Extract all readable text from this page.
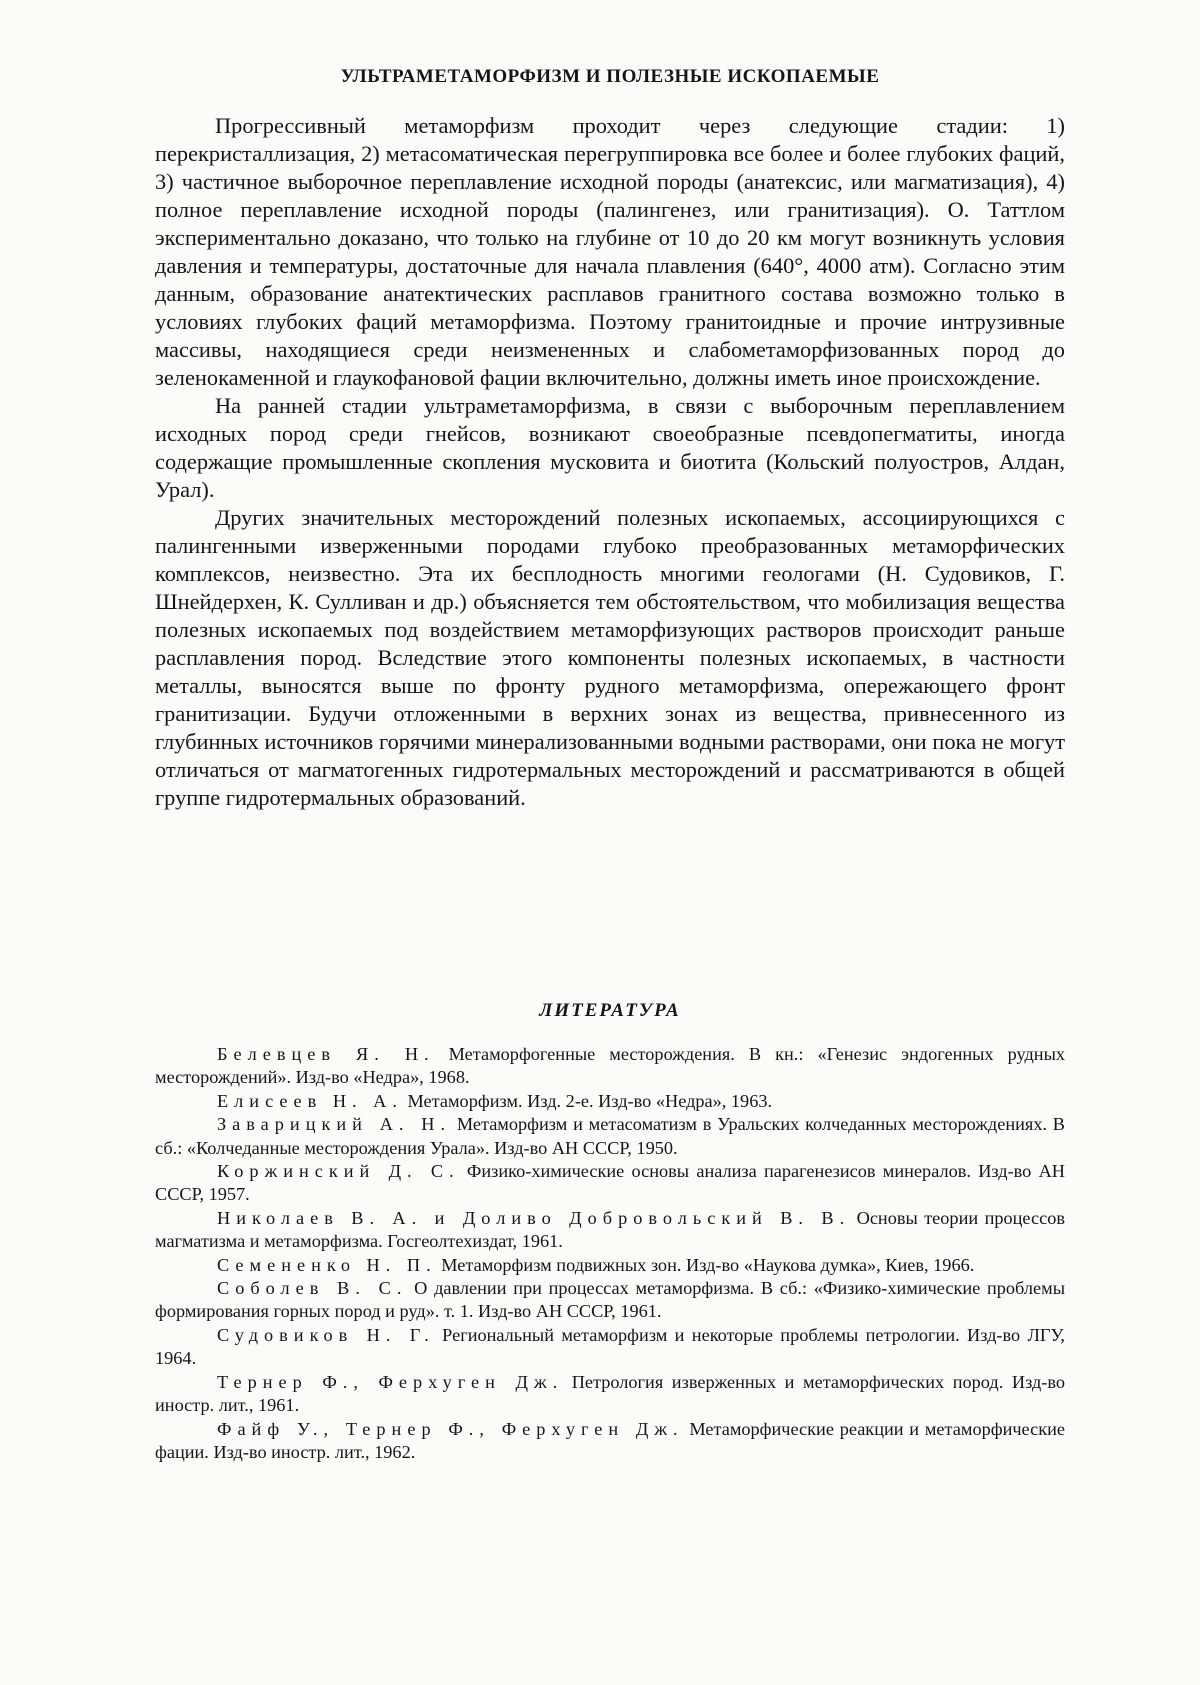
УЛЬТРАМЕТАМОРФИЗМ И ПОЛЕЗНЫЕ ИСКОПАЕМЫЕ

Прогрессивный метаморфизм проходит через следующие стадии: 1) перекристаллизация, 2) метасоматическая перегруппировка все более и более глубоких фаций, 3) частичное выборочное переплавление исходной породы (анатексис, или магматизация), 4) полное переплавление исходной породы (палингенез, или гранитизация). О. Таттлом экспериментально доказано, что только на глубине от 10 до 20 км могут возникнуть условия давления и температуры, достаточные для начала плавления (640°, 4000 атм). Согласно этим данным, образование анатектических расплавов гранитного состава возможно только в условиях глубоких фаций метаморфизма. Поэтому гранитоидные и прочие интрузивные массивы, находящиеся среди неизмененных и слабометаморфизованных пород до зеленокаменной и глаукофановой фации включительно, должны иметь иное происхождение.

На ранней стадии ультраметаморфизма, в связи с выборочным переплавлением исходных пород среди гнейсов, возникают своеобразные псевдопегматиты, иногда содержащие промышленные скопления мусковита и биотита (Кольский полуостров, Алдан, Урал).

Других значительных месторождений полезных ископаемых, ассоциирующихся с палингенными изверженными породами глубоко преобразованных метаморфических комплексов, неизвестно. Эта их бесплодность многими геологами (Н. Судовиков, Г. Шнейдерхен, К. Сулливан и др.) объясняется тем обстоятельством, что мобилизация вещества полезных ископаемых под воздействием метаморфизующих растворов происходит раньше расплавления пород. Вследствие этого компоненты полезных ископаемых, в частности металлы, выносятся выше по фронту рудного метаморфизма, опережающего фронт гранитизации. Будучи отложенными в верхних зонах из вещества, привнесенного из глубинных источников горячими минерализованными водными растворами, они пока не могут отличаться от магматогенных гидротермальных месторождений и рассматриваются в общей группе гидротермальных образований.

ЛИТЕРАТУРА
Белевцев Я. Н. Метаморфогенные месторождения. В кн.: «Генезис эндогенных рудных месторождений». Изд-во «Недра», 1968.
Елисеев Н. А. Метаморфизм. Изд. 2-е. Изд-во «Недра», 1963.
Заварицкий А. Н. Метаморфизм и метасоматизм в Уральских колчеданных месторождениях. В сб.: «Колчеданные месторождения Урала». Изд-во АН СССР, 1950.
Коржинский Д. С. Физико-химические основы анализа парагенезисов минералов. Изд-во АН СССР, 1957.
Николаев В. А. и Доливо Добровольский В. В. Основы теории процессов магматизма и метаморфизма. Госгеолтехиздат, 1961.
Семененко Н. П. Метаморфизм подвижных зон. Изд-во «Наукова думка», Киев, 1966.
Соболев В. С. О давлении при процессах метаморфизма. В сб.: «Физико-химические проблемы формирования горных пород и руд». т. 1. Изд-во АН СССР, 1961.
Судовиков Н. Г. Региональный метаморфизм и некоторые проблемы петрологии. Изд-во ЛГУ, 1964.
Тернер Ф., Ферхуген Дж. Петрология изверженных и метаморфических пород. Изд-во иностр. лит., 1961.
Файф У., Тернер Ф., Ферхуген Дж. Метаморфические реакции и метаморфические фации. Изд-во иностр. лит., 1962.
